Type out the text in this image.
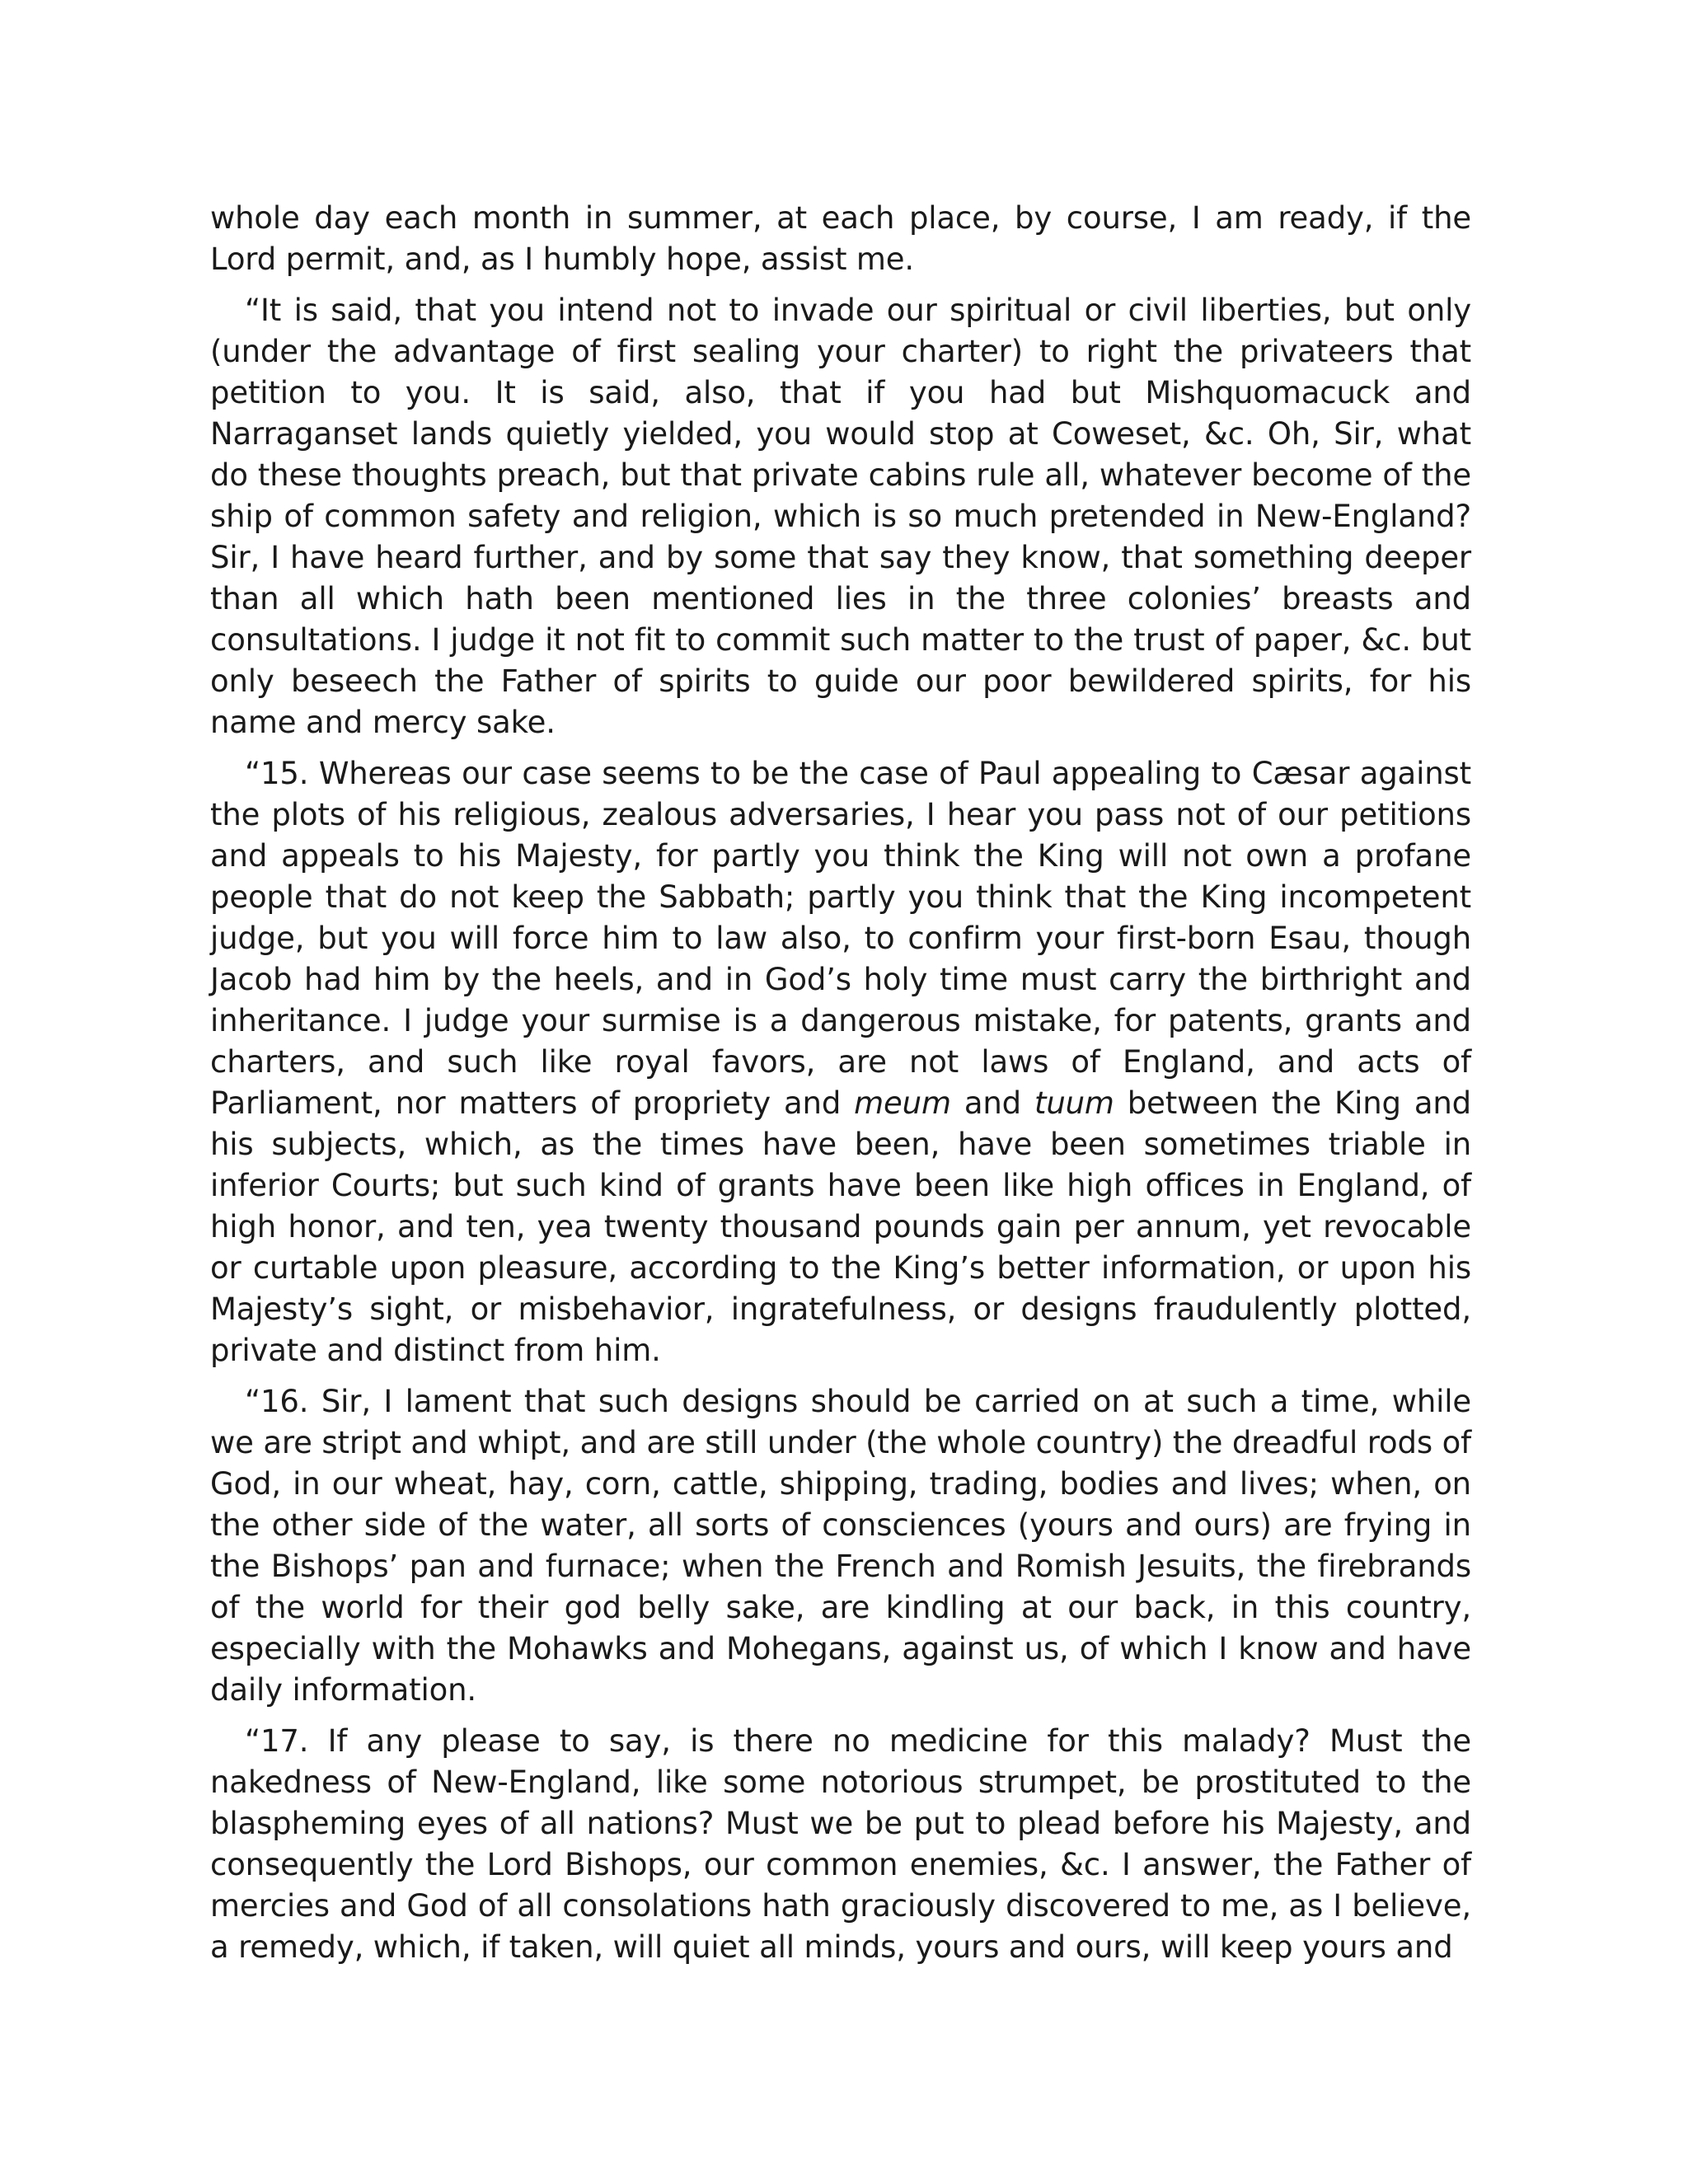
whole day each month in summer, at each place, by course, I am ready, if the Lord permit, and, as I humbly hope, assist me.

“It is said, that you intend not to invade our spiritual or civil liberties, but only (under the advantage of first sealing your charter) to right the privateers that petition to you. It is said, also, that if you had but Mishquomacuck and Narraganset lands quietly yielded, you would stop at Coweset, &c. Oh, Sir, what do these thoughts preach, but that private cabins rule all, whatever become of the ship of common safety and religion, which is so much pretended in New-England? Sir, I have heard further, and by some that say they know, that something deeper than all which hath been mentioned lies in the three colonies’ breasts and consultations. I judge it not fit to commit such matter to the trust of paper, &c. but only beseech the Father of spirits to guide our poor bewildered spirits, for his name and mercy sake.

“15. Whereas our case seems to be the case of Paul appealing to Cæsar against the plots of his religious, zealous adversaries, I hear you pass not of our petitions and appeals to his Majesty, for partly you think the King will not own a profane people that do not keep the Sabbath; partly you think that the King incompetent judge, but you will force him to law also, to confirm your first-born Esau, though Jacob had him by the heels, and in God’s holy time must carry the birthright and inheritance. I judge your surmise is a dangerous mistake, for patents, grants and charters, and such like royal favors, are not laws of England, and acts of Parliament, nor matters of propriety and meum and tuum between the King and his subjects, which, as the times have been, have been sometimes triable in inferior Courts; but such kind of grants have been like high offices in England, of high honor, and ten, yea twenty thousand pounds gain per annum, yet revocable or curtable upon pleasure, according to the King’s better information, or upon his Majesty’s sight, or misbehavior, ingratefulness, or designs fraudulently plotted, private and distinct from him.

“16. Sir, I lament that such designs should be carried on at such a time, while we are stript and whipt, and are still under (the whole country) the dreadful rods of God, in our wheat, hay, corn, cattle, shipping, trading, bodies and lives; when, on the other side of the water, all sorts of consciences (yours and ours) are frying in the Bishops’ pan and furnace; when the French and Romish Jesuits, the firebrands of the world for their god belly sake, are kindling at our back, in this country, especially with the Mohawks and Mohegans, against us, of which I know and have daily information.

“17. If any please to say, is there no medicine for this malady? Must the nakedness of New-England, like some notorious strumpet, be prostituted to the blaspheming eyes of all nations? Must we be put to plead before his Majesty, and consequently the Lord Bishops, our common enemies, &c. I answer, the Father of mercies and God of all consolations hath graciously discovered to me, as I believe, a remedy, which, if taken, will quiet all minds, yours and ours, will keep yours and
